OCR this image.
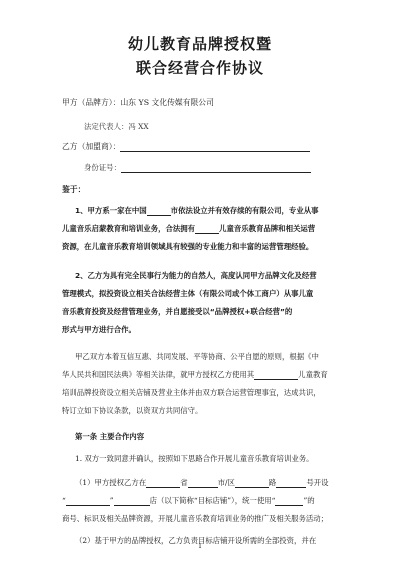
幼儿教育品牌授权暨
联合经营合作协议
甲方（品牌方）：山东 YS 文化传媒有限公司
法定代表人：冯 XX
乙方（加盟商）：
身份证号：
鉴于：
1、甲方系一家在中国	市依法设立并有效存续的有限公司，专业从事
儿童音乐启蒙教育和培训业务，合法拥有	儿童音乐教育品牌和相关运营
资源，在儿童音乐教育培训领域具有较强的专业能力和丰富的运营管理经验。
2、乙方为具有完全民事行为能力的自然人，高度认同甲方品牌文化及经营
管理模式，拟投资设立相关合法经营主体（有限公司或个体工商户）从事儿童
音乐教育投资及经营管理业务，并自愿接受以“品牌授权+联合经营”的
形式与甲方进行合作。
甲乙双方本着互信互惠、共同发展、平等协商、公平自愿的原则，根据《中
华人民共和国民法典》等相关法律，就甲方授权乙方使用其	儿童教育
培训品牌投资设立相关店铺及营业主体并由双方联合运营管理事宜，达成共识，
特订立如下协议条款，以资双方共同信守。
第一条 主要合作内容
1. 双方一致同意并确认，按照如下思路合作开展儿童音乐教育培训业务。
（1）甲方授权乙方在	省	市/区	路	号开设
“	”	店（以下简称“目标店铺”），统一使用“	”的
商号、标识及相关品牌资源，开展儿童音乐教育培训业务的推广及相关服务活动；
（2）基于甲方的品牌授权，乙方负责目标店铺开设所需的全部投资，并在
1
